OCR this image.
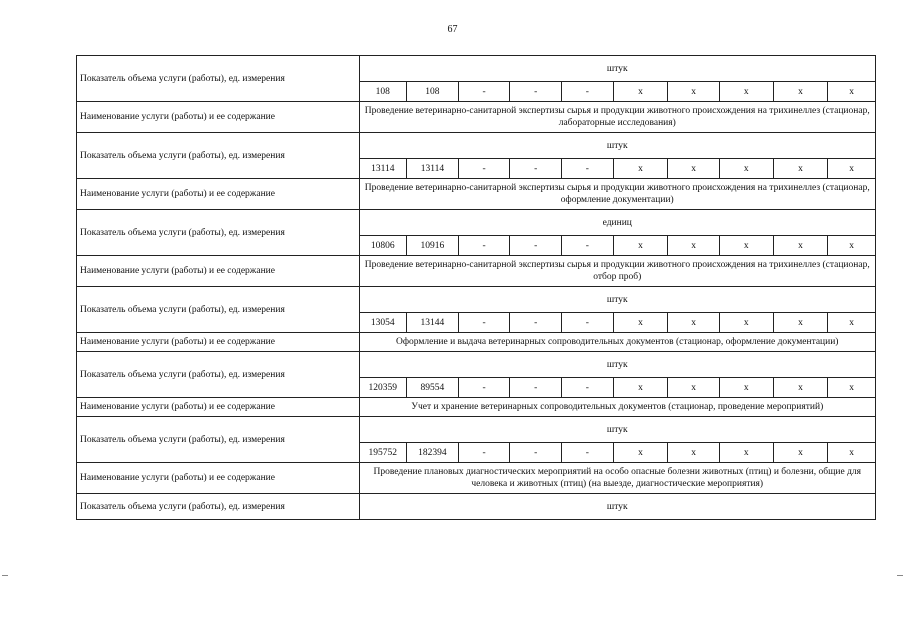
67
Показатель объема услуги (работы), ед. измерения	штук									
	108	108	-	-	-	х	х	х	х	х
Наименование услуги (работы) и ее содержание	Проведение ветеринарно-санитарной экспертизы сырья и продукции животного происхождения на трихинеллез (стационар, лабораторные исследования)									
Показатель объема услуги (работы), ед. измерения	штук									
	13114	13114	-	-	-	х	х	х	х	х
Наименование услуги (работы) и ее содержание	Проведение ветеринарно-санитарной экспертизы сырья и продукции животного происхождения на трихинеллез (стационар, оформление документации)									
Показатель объема услуги (работы), ед. измерения	единиц									
	10806	10916	-	-	-	х	х	х	х	х
Наименование услуги (работы) и ее содержание	Проведение ветеринарно-санитарной экспертизы сырья и продукции животного происхождения на трихинеллез (стационар, отбор проб)									
Показатель объема услуги (работы), ед. измерения	штук									
	13054	13144	-	-	-	х	х	х	х	х
Наименование услуги (работы) и ее содержание	Оформление и выдача ветеринарных сопроводительных документов (стационар, оформление документации)									
Показатель объема услуги (работы), ед. измерения	штук									
	120359	89554	-	-	-	х	х	х	х	х
Наименование услуги (работы) и ее содержание	Учет и хранение ветеринарных сопроводительных документов (стационар, проведение мероприятий)									
Показатель объема услуги (работы), ед. измерения	штук									
	195752	182394	-	-	-	х	х	х	х	х
Наименование услуги (работы) и ее содержание	Проведение плановых диагностических мероприятий на особо опасные болезни животных (птиц) и болезни, общие для человека и животных (птиц) (на выезде, диагностические мероприятия)									
Показатель объема услуги (работы), ед. измерения	штук									
